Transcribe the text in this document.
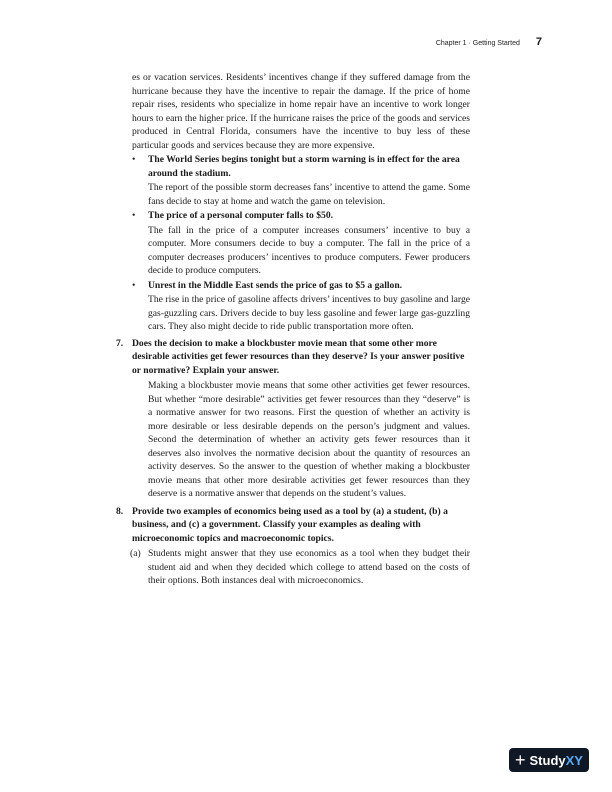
Chapter 1 · Getting Started 7

es or vacation services. Residents’ incentives change if they suffered damage from the hurricane because they have the incentive to repair the damage. If the price of home repair rises, residents who specialize in home repair have an incentive to work longer hours to earn the higher price. If the hurricane raises the price of the goods and services produced in Central Florida, consumers have the incentive to buy less of these particular goods and services because they are more expensive.

• The World Series begins tonight but a storm warning is in effect for the area around the stadium.

The report of the possible storm decreases fans’ incentive to attend the game. Some fans decide to stay at home and watch the game on television.

• The price of a personal computer falls to $50.

The fall in the price of a computer increases consumers’ incentive to buy a computer. More consumers decide to buy a computer. The fall in the price of a computer decreases producers’ incentives to produce computers. Fewer producers decide to produce computers.

• Unrest in the Middle East sends the price of gas to $5 a gallon.

The rise in the price of gasoline affects drivers’ incentives to buy gasoline and large gas-guzzling cars. Drivers decide to buy less gasoline and fewer large gas-guzzling cars. They also might decide to ride public transportation more often.

7. Does the decision to make a blockbuster movie mean that some other more desirable activities get fewer resources than they deserve? Is your answer positive or normative? Explain your answer.

Making a blockbuster movie means that some other activities get fewer resources. But whether “more desirable” activities get fewer resources than they “deserve” is a normative answer for two reasons. First the question of whether an activity is more desirable or less desirable depends on the person’s judgment and values. Second the determination of whether an activity gets fewer resources than it deserves also involves the normative decision about the quantity of resources an activity deserves. So the answer to the question of whether making a blockbuster movie means that other more desirable activities get fewer resources than they deserve is a normative answer that depends on the student’s values.

8. Provide two examples of economics being used as a tool by (a) a student, (b) a business, and (c) a government. Classify your examples as dealing with microeconomic topics and macroeconomic topics.

(a) Students might answer that they use economics as a tool when they budget their student aid and when they decided which college to attend based on the costs of their options. Both instances deal with microeconomics.

+ StudyXY
